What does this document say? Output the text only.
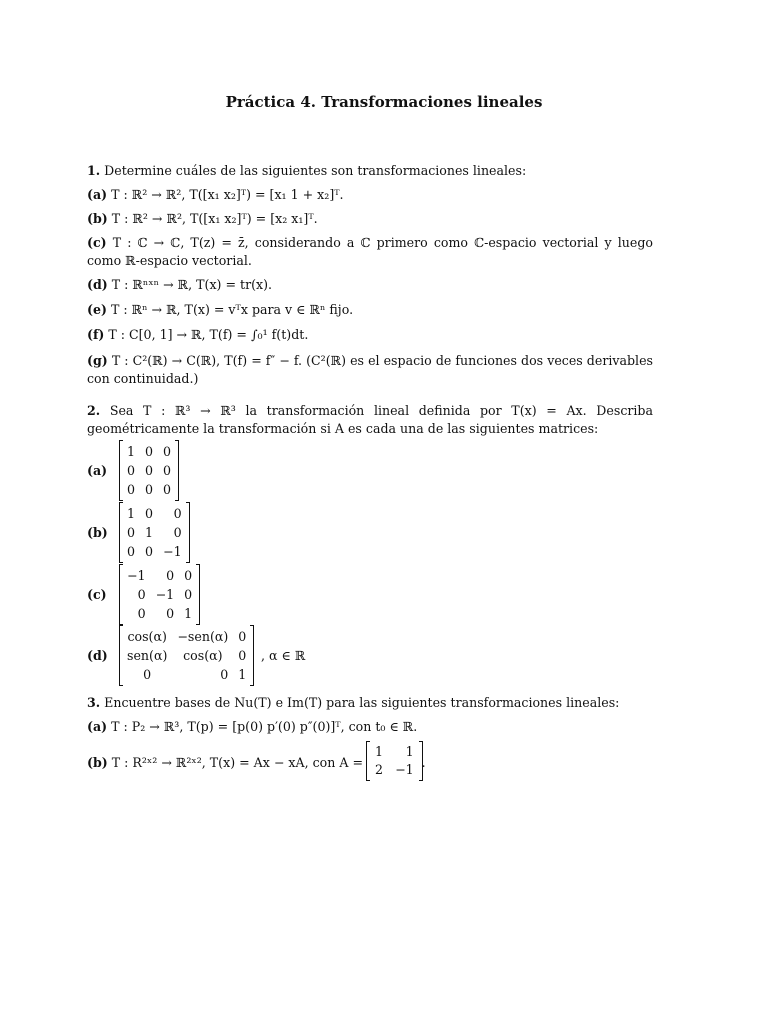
Práctica 4. Transformaciones lineales
1. Determine cuáles de las siguientes son transformaciones lineales:
(a) T : ℝ² → ℝ², T([x₁ x₂]ᵀ) = [x₁ 1 + x₂]ᵀ.
(b) T : ℝ² → ℝ², T([x₁ x₂]ᵀ) = [x₂ x₁]ᵀ.
(c) T : ℂ → ℂ, T(z) = z̄, considerando a ℂ primero como ℂ-espacio vectorial y luego como ℝ-espacio vectorial.
(d) T : ℝⁿˣⁿ → ℝ, T(x) = tr(x).
(e) T : ℝⁿ → ℝ, T(x) = vᵀx para v ∈ ℝⁿ fijo.
(f) T : C[0, 1] → ℝ, T(f) = ∫₀¹ f(t)dt.
(g) T : C²(ℝ) → C(ℝ), T(f) = f″ − f. (C²(ℝ) es el espacio de funciones dos veces derivables con continuidad.)
2. Sea T : ℝ³ → ℝ³ la transformación lineal definida por T(x) = Ax. Describa geométricamente la transformación si A es cada una de las siguientes matrices:
(a)
1	0	0
0	0	0
0	0	0
(b)
1	0	0
0	1	0
0	0	−1
(c)
−1	0	0
0	−1	0
0	0	1
(d)
cos(α)	−sen(α)	0
sen(α)	cos(α)	0
0	0	1
, α ∈ ℝ
3. Encuentre bases de Nu(T) e Im(T) para las siguientes transformaciones lineales:
(a) T : P₂ → ℝ³, T(p) = [p(0) p′(0) p″(0)]ᵀ, con t₀ ∈ ℝ.
(b) T : R²ˣ² → ℝ²ˣ², T(x) = Ax − xA, con A =
1	1
2	−1 .
